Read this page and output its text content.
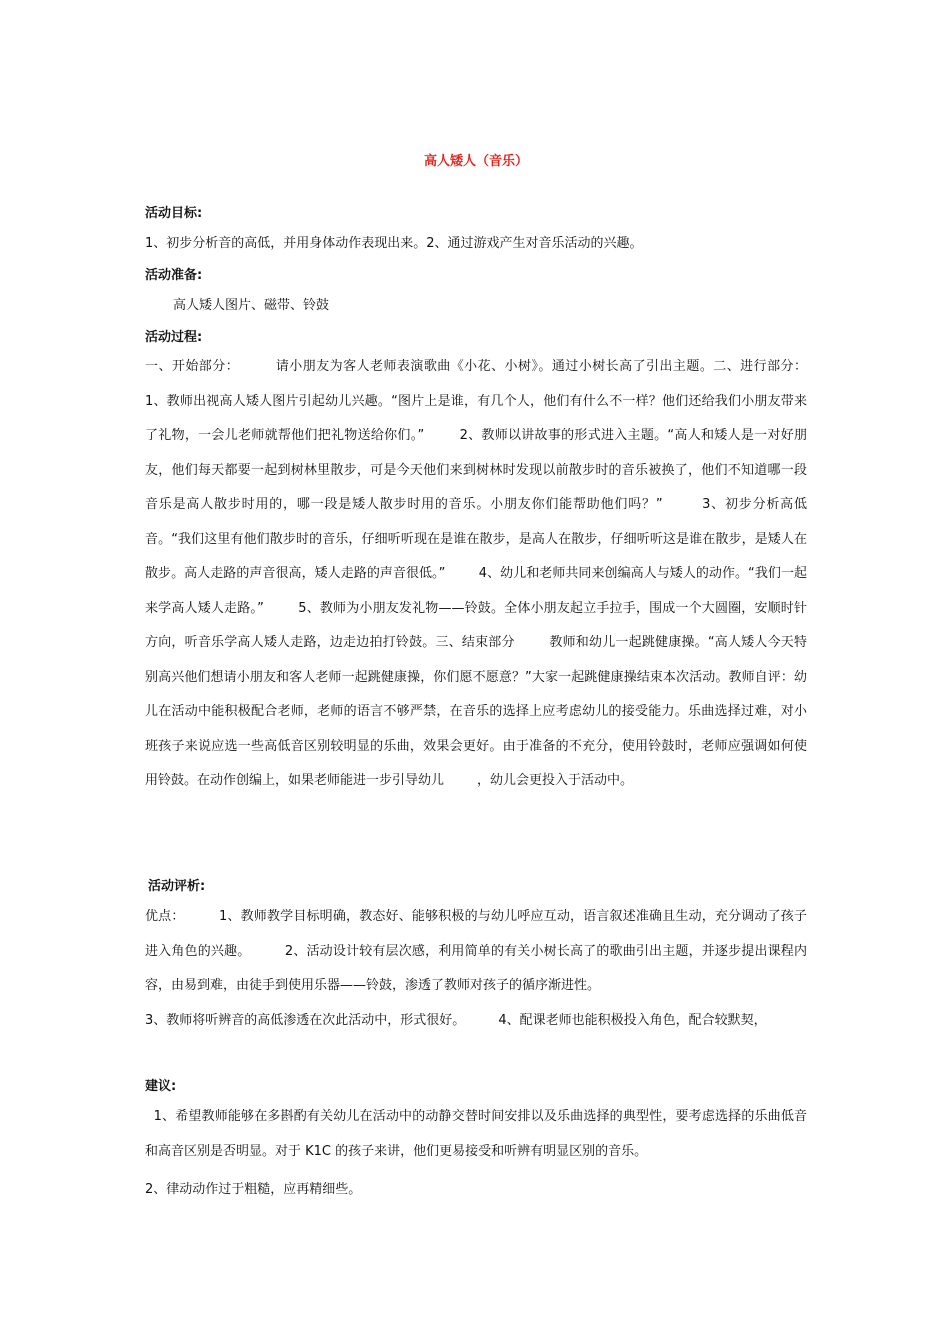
高人矮人（音乐）
活动目标:
1、初步分析音的高低，并用身体动作表现出来。2、通过游戏产生对音乐活动的兴趣。
活动准备:
高人矮人图片、磁带、铃鼓
活动过程:

一、开始部分：        请小朋友为客人老师表演歌曲《小花、小树》。通过小树长高了引出主题。二、进行部分：        1、教师出视高人矮人图片引起幼儿兴趣。“图片上是谁，有几个人，他们有什么不一样？他们还给我们小朋友带来了礼物，一会儿老师就帮他们把礼物送给你们。”        2、教师以讲故事的形式进入主题。“高人和矮人是一对好朋友，他们每天都要一起到树林里散步，可是今天他们来到树林时发现以前散步时的音乐被换了，他们不知道哪一段音乐是高人散步时用的，哪一段是矮人散步时用的音乐。小朋友你们能帮助他们吗？”        3、初步分析高低音。“我们这里有他们散步时的音乐，仔细听听现在是谁在散步，是高人在散步，仔细听听这是谁在散步，是矮人在散步。高人走路的声音很高，矮人走路的声音很低。”        4、幼儿和老师共同来创编高人与矮人的动作。“我们一起来学高人矮人走路。”        5、教师为小朋友发礼物——铃鼓。全体小朋友起立手拉手，围成一个大圆圈，安顺时针方向，听音乐学高人矮人走路，边走边拍打铃鼓。三、结束部分        教师和幼儿一起跳健康操。“高人矮人今天特别高兴他们想请小朋友和客人老师一起跳健康操，你们愿不愿意？”大家一起跳健康操结束本次活动。教师自评：幼儿在活动中能积极配合老师，老师的语言不够严禁，在音乐的选择上应考虑幼儿的接受能力。乐曲选择过难，对小班孩子来说应选一些高低音区别较明显的乐曲，效果会更好。由于准备的不充分，使用铃鼓时，老师应强调如何使用铃鼓。在动作创编上，如果老师能进一步引导幼儿        ，幼儿会更投入于活动中。

活动评析:

优点：        1、教师教学目标明确，教态好、能够积极的与幼儿呼应互动，语言叙述准确且生动，充分调动了孩子进入角色的兴趣。        2、活动设计较有层次感，利用简单的有关小树长高了的歌曲引出主题，并逐步提出课程内容，由易到难，由徒手到使用乐器——铃鼓，渗透了教师对孩子的循序渐进性。

3、教师将听辨音的高低渗透在次此活动中，形式很好。        4、配课老师也能积极投入角色，配合较默契，

建议:

1、希望教师能够在多斟酌有关幼儿在活动中的动静交替时间安排以及乐曲选择的典型性，要考虑选择的乐曲低音和高音区别是否明显。对于 K1C 的孩子来讲，他们更易接受和听辨有明显区别的音乐。

2、律动动作过于粗糙，应再精细些。
